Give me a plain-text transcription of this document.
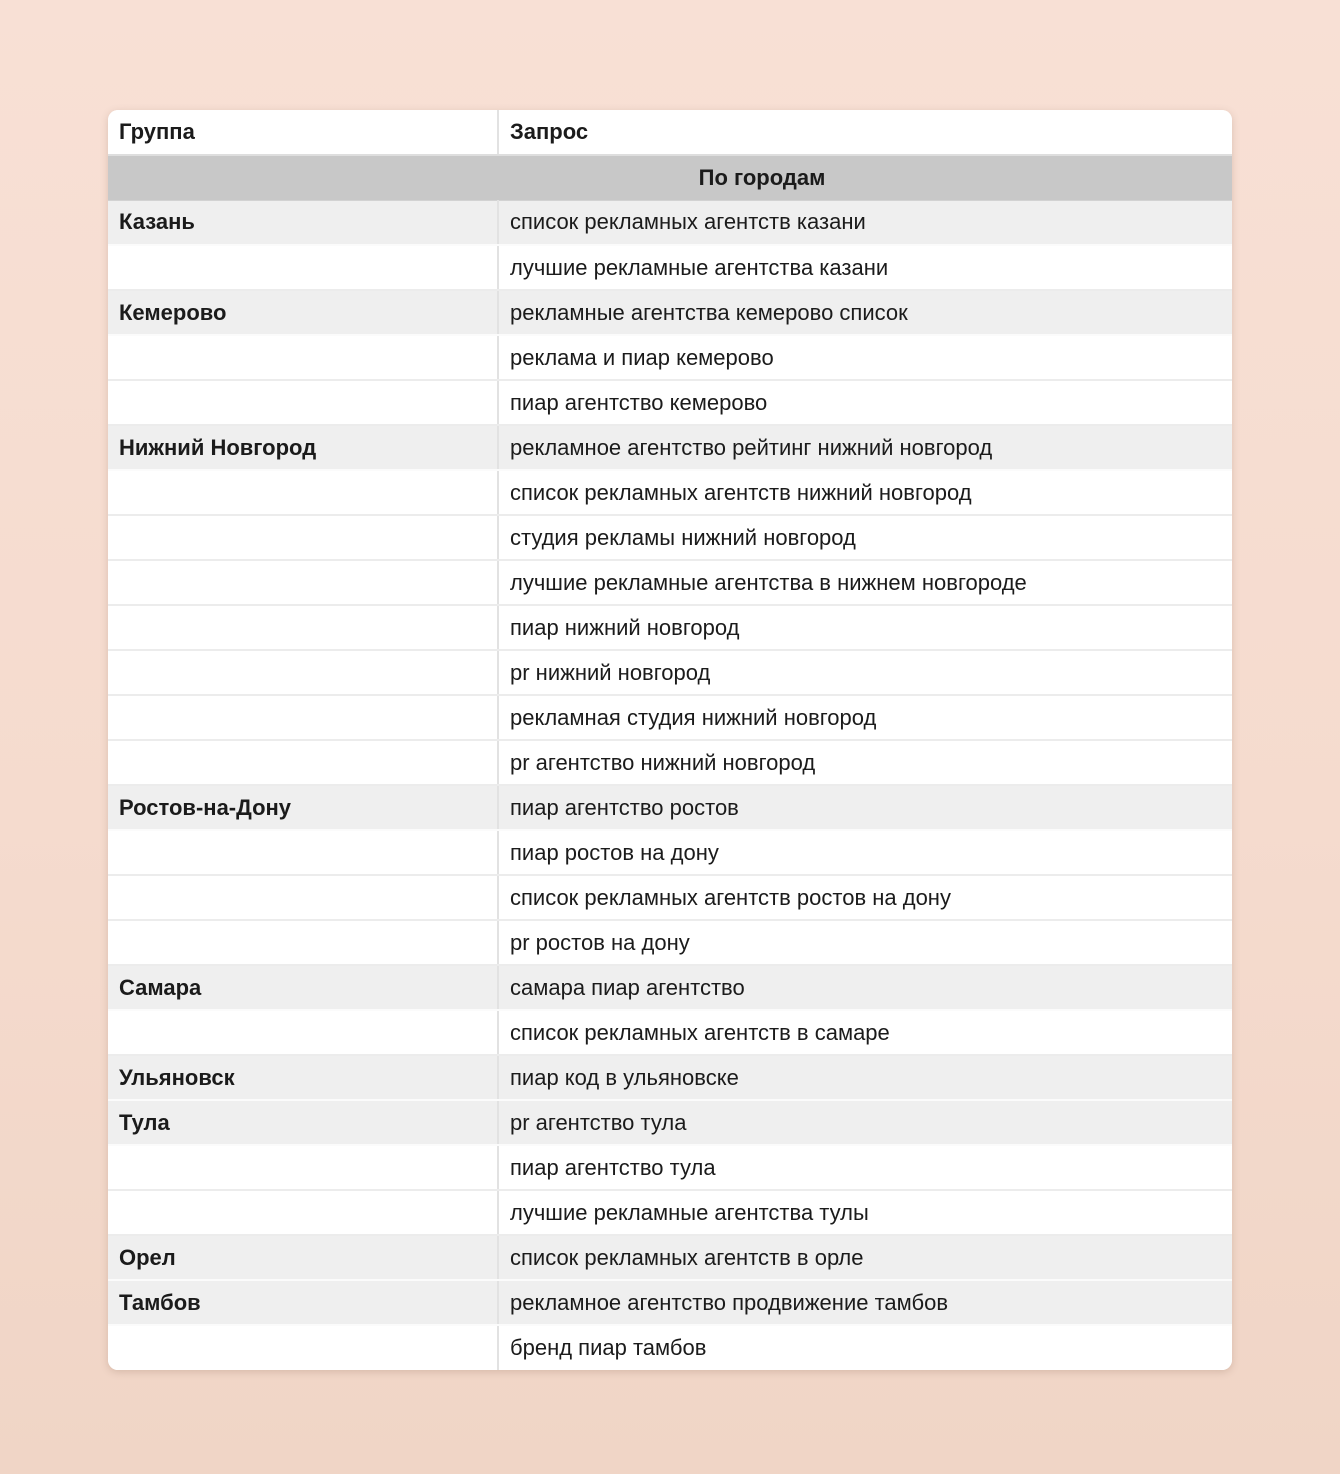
Группа	Запрос
По городам	
Казань	список рекламных агентств казани
	лучшие рекламные агентства казани
Кемерово	рекламные агентства кемерово список
	реклама и пиар кемерово
	пиар агентство кемерово
Нижний Новгород	рекламное агентство рейтинг нижний новгород
	список рекламных агентств нижний новгород
	студия рекламы нижний новгород
	лучшие рекламные агентства в нижнем новгороде
	пиар нижний новгород
	pr нижний новгород
	рекламная студия нижний новгород
	pr агентство нижний новгород
Ростов-на-Дону	пиар агентство ростов
	пиар ростов на дону
	список рекламных агентств ростов на дону
	pr ростов на дону
Самара	самара пиар агентство
	список рекламных агентств в самаре
Ульяновск	пиар код в ульяновске
Тула	pr агентство тула
	пиар агентство тула
	лучшие рекламные агентства тулы
Орел	список рекламных агентств в орле
Тамбов	рекламное агентство продвижение тамбов
	бренд пиар тамбов
